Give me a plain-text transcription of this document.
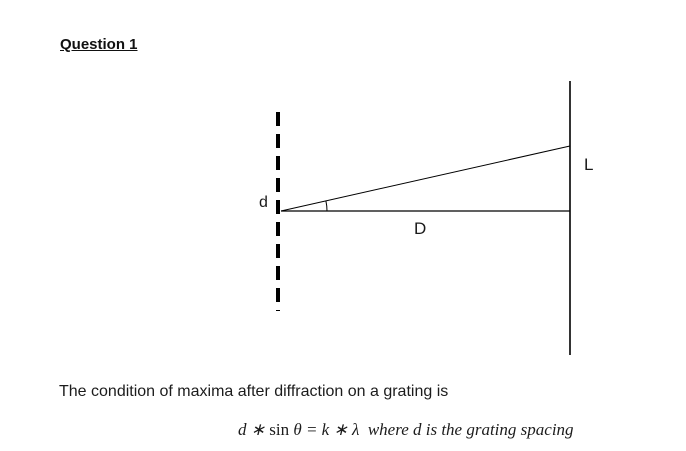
Question 1
d
D
L
The condition of maxima after diffraction on a grating is
d ∗ sin θ = k ∗ λ  where d is the grating spacing
